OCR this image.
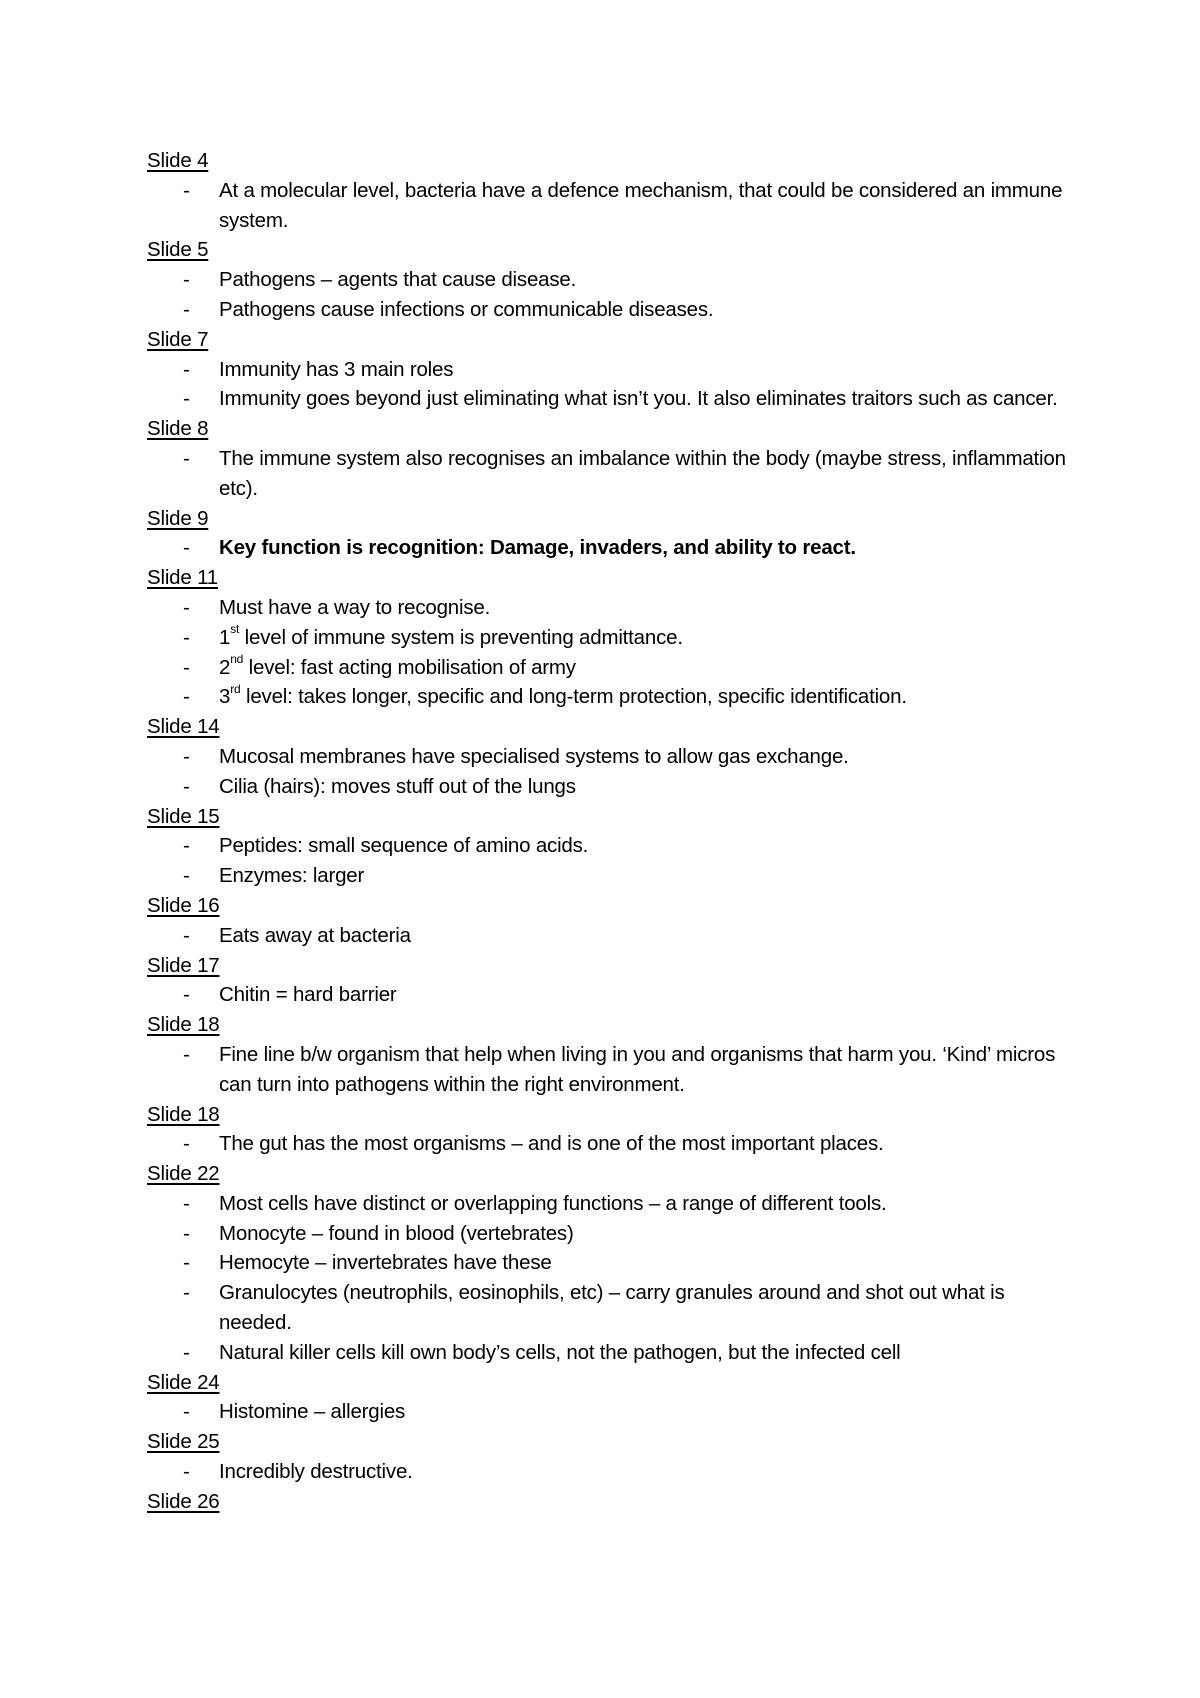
Slide 4
- At a molecular level, bacteria have a defence mechanism, that could be considered an immune system.
Slide 5
- Pathogens – agents that cause disease.
- Pathogens cause infections or communicable diseases.
Slide 7
- Immunity has 3 main roles
- Immunity goes beyond just eliminating what isn’t you. It also eliminates traitors such as cancer.
Slide 8
- The immune system also recognises an imbalance within the body (maybe stress, inflammation etc).
Slide 9
- Key function is recognition: Damage, invaders, and ability to react.
Slide 11
- Must have a way to recognise.
- 1st level of immune system is preventing admittance.
- 2nd level: fast acting mobilisation of army
- 3rd level: takes longer, specific and long-term protection, specific identification.
Slide 14
- Mucosal membranes have specialised systems to allow gas exchange.
- Cilia (hairs): moves stuff out of the lungs
Slide 15
- Peptides: small sequence of amino acids.
- Enzymes: larger
Slide 16
- Eats away at bacteria
Slide 17
- Chitin = hard barrier
Slide 18
- Fine line b/w organism that help when living in you and organisms that harm you. ‘Kind’ micros can turn into pathogens within the right environment.
Slide 18
- The gut has the most organisms – and is one of the most important places.
Slide 22
- Most cells have distinct or overlapping functions – a range of different tools.
- Monocyte – found in blood (vertebrates)
- Hemocyte – invertebrates have these
- Granulocytes (neutrophils, eosinophils, etc) – carry granules around and shot out what is needed.
- Natural killer cells kill own body’s cells, not the pathogen, but the infected cell
Slide 24
- Histomine – allergies
Slide 25
- Incredibly destructive.
Slide 26
